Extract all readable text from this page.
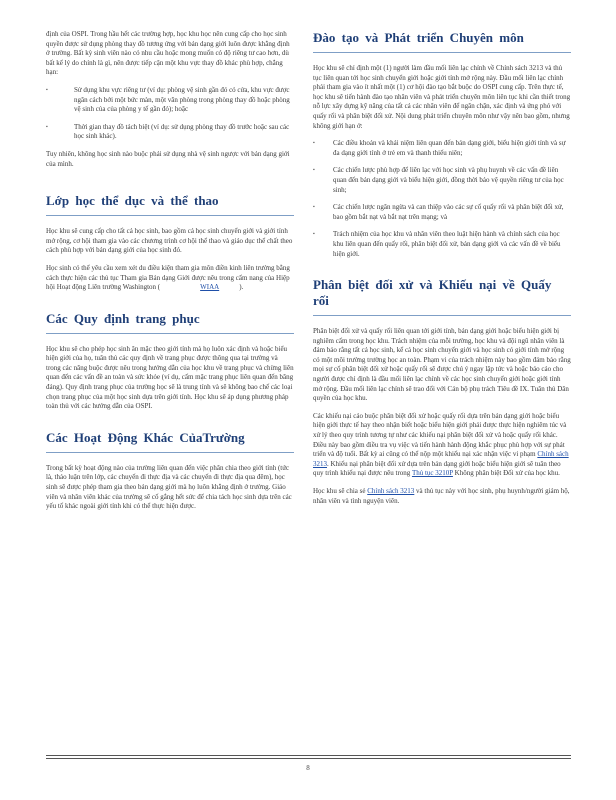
định của OSPI. Trong hầu hết các trường hợp, học khu học nên cung cấp cho học sinh quyền được sử dụng phòng thay đồ tương ứng với bản dạng giới luôn được khẳng định ở trường. Bất kỳ sinh viên nào có nhu cầu hoặc mong muốn có độ riêng tư cao hơn, dù bất kể lý do chính là gì, nên được tiếp cận một khu vực thay đồ khác phù hợp, chẳng hạn:

▪ Sử dụng khu vực riêng tư (ví dụ: phòng vệ sinh gần đó có cửa, khu vực được ngăn cách bởi một bức màn, một văn phòng trong phòng thay đồ hoặc phòng vệ sinh của của phòng y tế gần đó); hoặc
▪ Thời gian thay đồ tách biệt (ví dụ: sử dụng phòng thay đồ trước hoặc sau các học sinh khác).

Tuy nhiên, không học sinh nào buộc phải sử dụng nhà vệ sinh ngược với bản dạng giới của mình.

Lớp học thể dục và thể thao

Học khu sẽ cung cấp cho tất cả học sinh, bao gồm cả học sinh chuyển giới và giới tính mở rộng, cơ hội tham gia vào các chương trình cơ hội thể thao và giáo dục thể chất theo cách phù hợp với bản dạng giới của học sinh đó.

Học sinh có thể yêu cầu xem xét du điều kiện tham gia môn điền kinh liên trường bằng cách thực hiện các thủ tục Tham gia Bản dạng Giới được nêu trong cẩm nang của Hiệp hội Hoạt động Liên trường Washington (	WIAA	).

Các Quy định trang phục

Học khu sẽ cho phép học sinh ăn mặc theo giới tính mà họ luôn xác định và hoặc biểu hiện giới của họ, tuân thủ các quy định về trang phục được thông qua tại trường và trong các năng buộc được nêu trong hướng dẫn của học khu về trang phục và chừng liên quan đến các vấn đề an toàn và sức khỏe (ví dụ, cấm mặc trang phục liên quan đến băng đảng). Quy định trang phục của trường học sẽ là trung tính và sẽ không bao chế các loại chọn trang phục của một học sinh dựa trên giới tính. Học khu sẽ áp dụng phương pháp toàn thủ với các hướng dẫn của OSPI.

Các Hoạt Động Khác CủaTrường

Trong bất kỳ hoạt động nào của trường liên quan đến việc phân chia theo giới tính (tức là, thảo luận trên lớp, các chuyến đi thực địa và các chuyến đi thực địa qua đêm), học sinh sẽ được phép tham gia theo bản dạng giới mà họ luôn khẳng định ở trường. Giáo viên và nhân viên khác của trường sẽ cố gắng hết sức để chia tách học sinh dựa trên các yếu tố khác ngoài giới tính khi có thể thực hiện được.

Đào tạo và Phát triển Chuyên môn

Học khu sẽ chỉ định một (1) người làm đầu mối liên lạc chính về Chính sách 3213 và thủ tục liên quan tới học sinh chuyển giới hoặc giới tính mở rộng này. Đầu mối liên lạc chính phải tham gia vào ít nhất một (1) cơ hội đào tạo bắt buộc do OSPI cung cấp. Trên thực tế, học khu sẽ tiến hành đào tạo nhân viên và phát triển chuyên môn liên tục khi cần thiết trong nỗ lực xây dựng kỹ năng của tất cả các nhân viên để ngăn chặn, xác định và ứng phó với quấy rối và phân biệt đối xử. Nội dung phát triển chuyên môn như vậy nên bao gồm, nhưng không giới hạn ở:

▪ Các điều khoản và khái niệm liên quan đến bản dạng giới, biểu hiện giới tính và sự đa dạng giới tính ở trẻ em và thanh thiếu niên;
▪ Các chiến lược phù hợp để liên lạc với học sinh và phụ huynh về các vấn đề liên quan đến bản dạng giới và biểu hiện giới, đồng thời bảo vệ quyền riêng tư của học sinh;
▪ Các chiến lược ngăn ngừa và can thiệp vào các sự cố quấy rối và phân biệt đối xử, bao gồm bắt nạt và bắt nạt trên mạng; và
▪ Trách nhiệm của học khu và nhân viên theo luật hiện hành và chính sách của học khu liên quan đến quấy rối, phân biệt đối xử, bản dạng giới và các vấn đề về biểu hiện giới.
Phân biệt đối xử và Khiếu nại về Quấy rối

Phân biệt đối xử và quấy rối liên quan tới giới tính, bản dạng giới hoặc biểu hiện giới bị nghiêm cấm trong học khu. Trách nhiệm của mỗi trường, học khu và đội ngũ nhân viên là đảm bảo rằng tất cả học sinh, kể cả học sinh chuyển giới và học sinh có giới tính mở rộng có một môi trường trường học an toàn. Phạm vi của trách nhiệm này bao gồm đảm bảo rằng mọi sự cố phân biệt đối xử hoặc quấy rối sẽ được chú ý ngay lập tức và hoặc báo cáo cho người được chỉ định là đầu mối liên lạc chính về các học sinh chuyển giới hoặc giới tính mở rộng. Đầu mối liên lạc chính sẽ trao đổi với Cán bộ phụ trách Tiêu đề IX. Tuân thủ Dân quyền của học khu.

Các khiếu nại cáo buộc phân biệt đối xử hoặc quấy rối dựa trên bản dạng giới hoặc biểu hiện giới thực tế hay theo nhận biết hoặc biểu hiện giới phải được thực hiện nghiêm túc và xử lý theo quy trình tương tự như các khiếu nại phân biệt đối xử và hoặc quấy rối khác. Điều này bao gồm điều tra vụ việc và tiến hành hành động khắc phục phù hợp với sự phát triển và độ tuổi. Bất kỳ ai cũng có thể nộp một khiếu nại xác nhận việc vi phạm Chính sách 3213. Khiếu nại phân biệt đối xử dựa trên bản dạng giới hoặc biểu hiện giới sẽ tuân theo quy trình khiếu nại được nêu trong Thủ tục 3210P Không phân biệt Đối xử của học khu.

Học khu sẽ chia sẻ Chính sách 3213 và thủ tục này với học sinh, phụ huynh/người giám hộ, nhân viên và tình nguyện viên.

8
